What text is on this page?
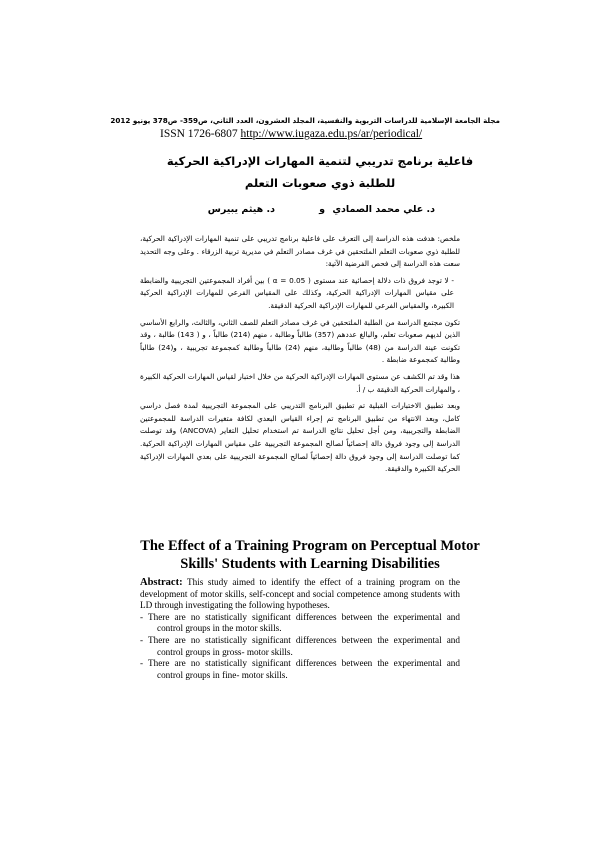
مجلة الجامعة الإسلامية للدراسات التربوية والنفسية، المجلد العشرون، العدد الثاني، ص359- ص378 يونيو 2012
ISSN 1726-6807 http://www.iugaza.edu.ps/ar/periodical/
فاعلية برنامج تدريبي لتنمية المهارات الإدراكية الحركية للطلبة ذوي صعوبات التعلم
د. علي محمد الصمادي
و
د. هيثم يبيرس

ملخص: هدفت هذه الدراسة إلى التعرف على فاعلية برنامج تدريبي على تنمية المهارات الإدراكية الحركية، للطلبة ذوي صعوبات التعلم الملتحقين في غرف مصادر التعلم في مديرية تربية الزرقاء . وعلى وجه التحديد سعت هذه الدراسة إلى فحص الفرضية الآتية:

- لا توجد فروق ذات دلالة إحصائية عند مستوى ( α = 0.05 ) بين أفراد المجموعتين التجريبية والضابطة على مقياس المهارات الإدراكية الحركية، وكذلك على المقياس الفرعي للمهارات الإدراكية الحركية الكبيرة، والمقياس الفرعي للمهارات الإدراكية الحركية الدقيقة.

تكون مجتمع الدراسة من الطلبة الملتحقين في غرف مصادر التعلم للصف الثاني، والثالث، والرابع الأساسي الذين لديهم صعوبات تعلم، والبالغ عددهم (357) طالباً وطالبة ، منهم (214) طالباً ، و ( 143) طالبة ، وقد تكونت عينة الدراسة من (48) طالباً وطالبة، منهم (24) طالباً وطالبة كمجموعة تجريبية ، و(24) طالباً وطالبة كمجموعة ضابطة .

هذا وقد تم الكشف عن مستوى المهارات الإدراكية الحركية من خلال اختبار لقياس المهارات الحركية الكبيرة ، والمهارات الحركية الدقيقة ب / أ.

وبعد تطبيق الاختبارات القبلية تم تطبيق البرنامج التدريبي على المجموعة التجريبية لمدة فصل دراسي كامل، وبعد الانتهاء من تطبيق البرنامج تم إجراء القياس البعدي لكافة متغيرات الدراسة للمجموعتين الضابطة والتجريبية، ومن أجل تحليل نتائج الدراسة تم استخدام تحليل التغاير (ANCOVA) وقد توصلت الدراسة إلى وجود فروق دالة إحصائياً لصالح المجموعة التجريبية على مقياس المهارات الإدراكية الحركية. كما توصلت الدراسة إلى وجود فروق دالة إحصائياً لصالح المجموعة التجريبية على بعدي المهارات الإدراكية الحركية الكبيرة والدقيقة.

The Effect of a Training Program on Perceptual Motor Skills' Students with Learning Disabilities

Abstract: This study aimed to identify the effect of a training program on the development of motor skills, self-concept and social competence among students with LD through investigating the following hypotheses.

- There are no statistically significant differences between the experimental and control groups in the motor skills.

- There are no statistically significant differences between the experimental and control groups in gross- motor skills.

- There are no statistically significant differences between the experimental and control groups in fine- motor skills.
